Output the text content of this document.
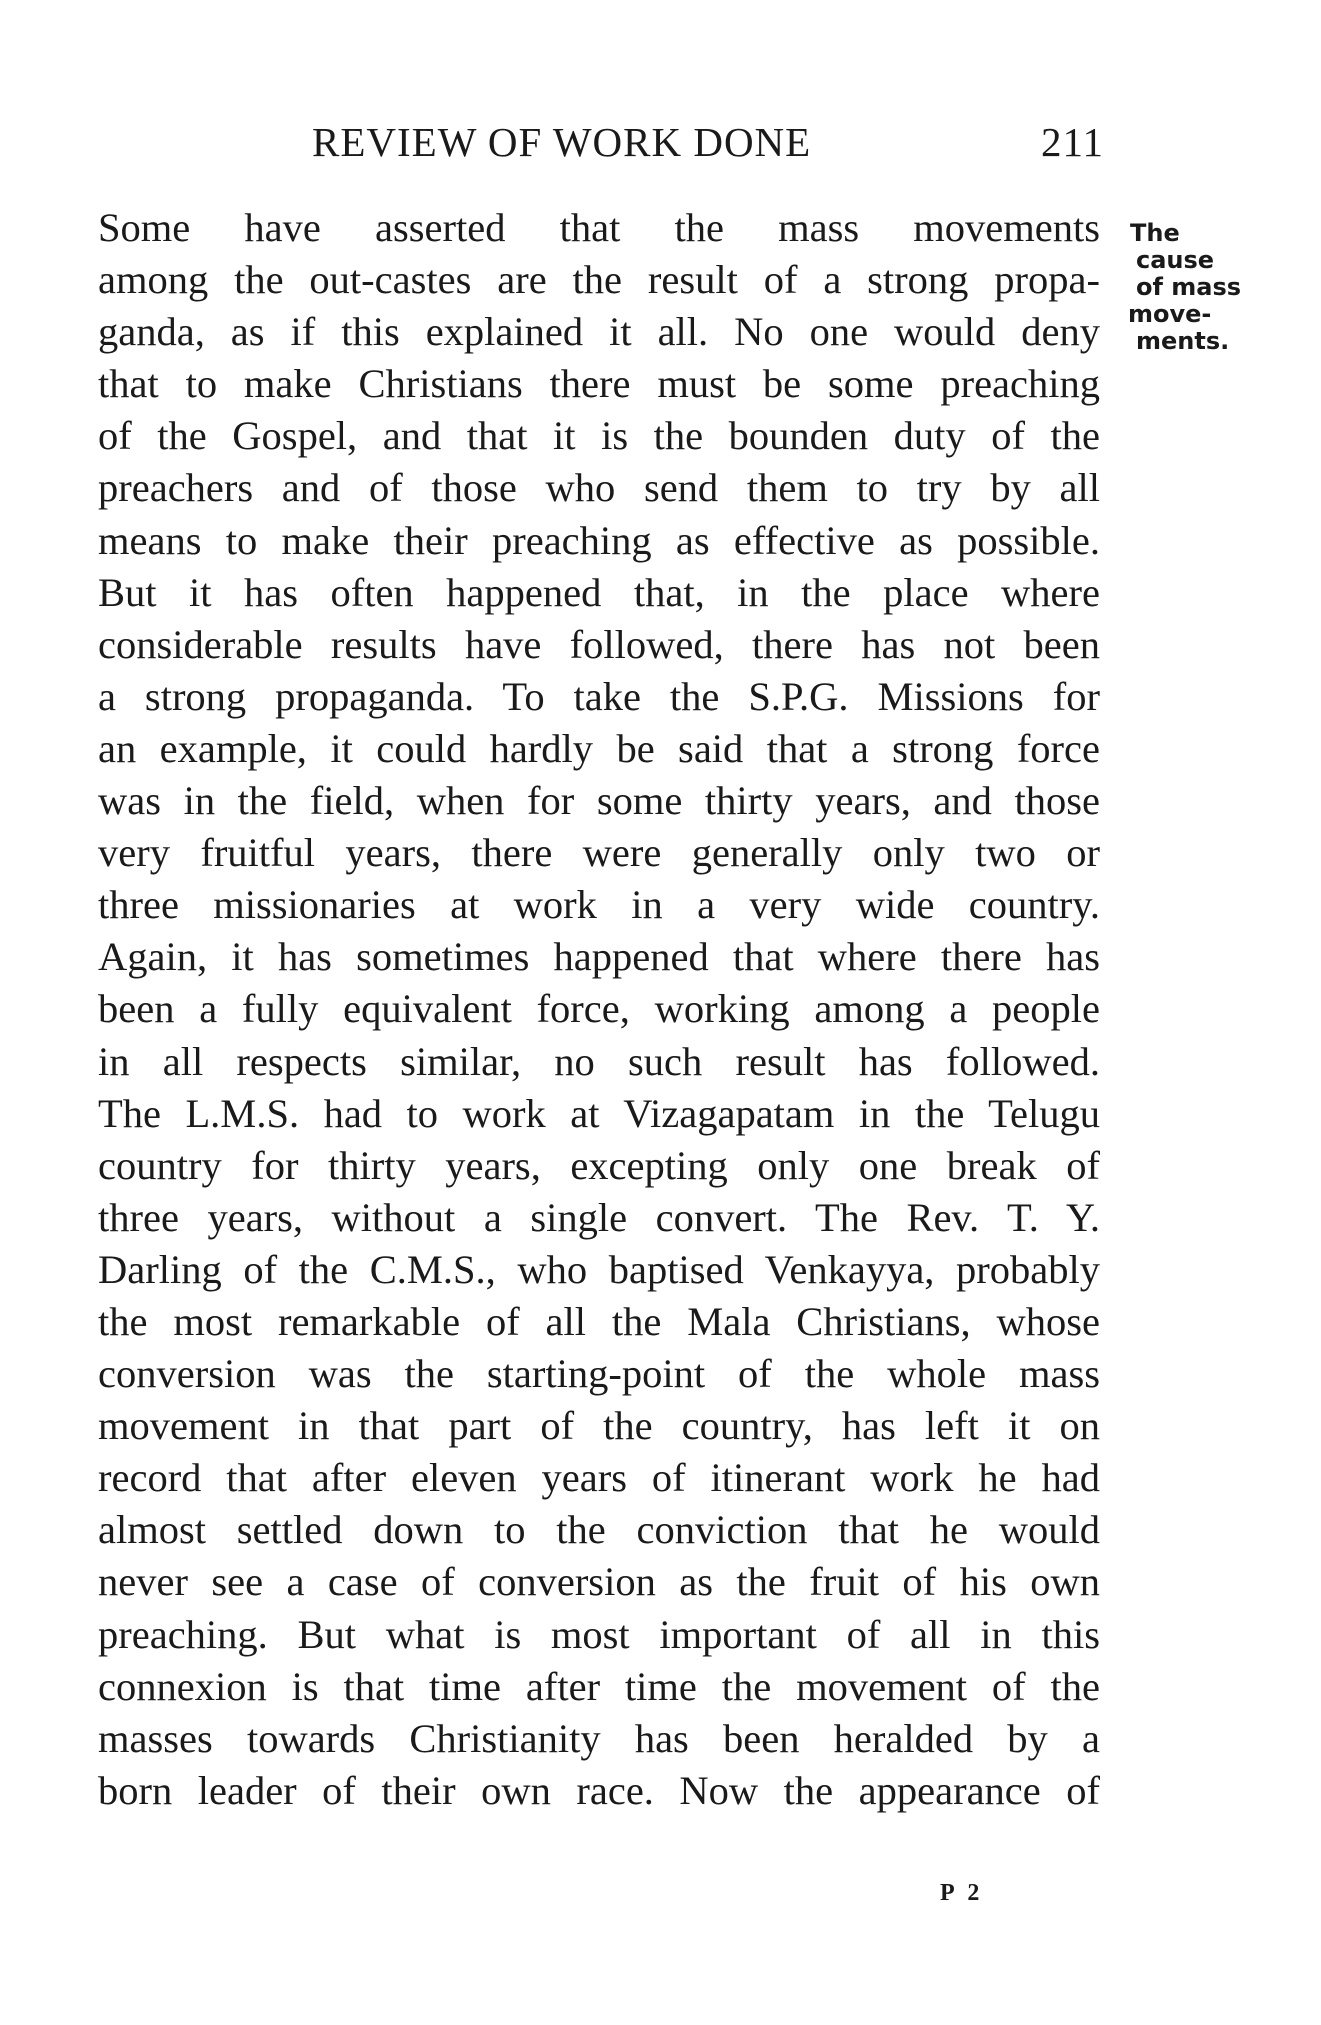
REVIEW OF WORK DONE	211
Some have asserted that the mass movements
among the out-castes are the result of a strong propa-
ganda, as if this explained it all. No one would deny
that to make Christians there must be some preaching
of the Gospel, and that it is the bounden duty of the
preachers and of those who send them to try by all
means to make their preaching as effective as possible.
But it has often happened that, in the place where
considerable results have followed, there has not been
a strong propaganda. To take the S.P.G. Missions for
an example, it could hardly be said that a strong force
was in the field, when for some thirty years, and those
very fruitful years, there were generally only two or
three missionaries at work in a very wide country.
Again, it has sometimes happened that where there has
been a fully equivalent force, working among a people
in all respects similar, no such result has followed.
The L.M.S. had to work at Vizagapatam in the Telugu
country for thirty years, excepting only one break of
three years, without a single convert. The Rev. T. Y.
Darling of the C.M.S., who baptised Venkayya, probably
the most remarkable of all the Mala Christians, whose
conversion was the starting-point of the whole mass
movement in that part of the country, has left it on
record that after eleven years of itinerant work he had
almost settled down to the conviction that he would
never see a case of conversion as the fruit of his own
preaching. But what is most important of all in this
connexion is that time after time the movement of the
masses towards Christianity has been heralded by a
born leader of their own race. Now the appearance of
The
cause
of mass
move-
ments.
P 2
